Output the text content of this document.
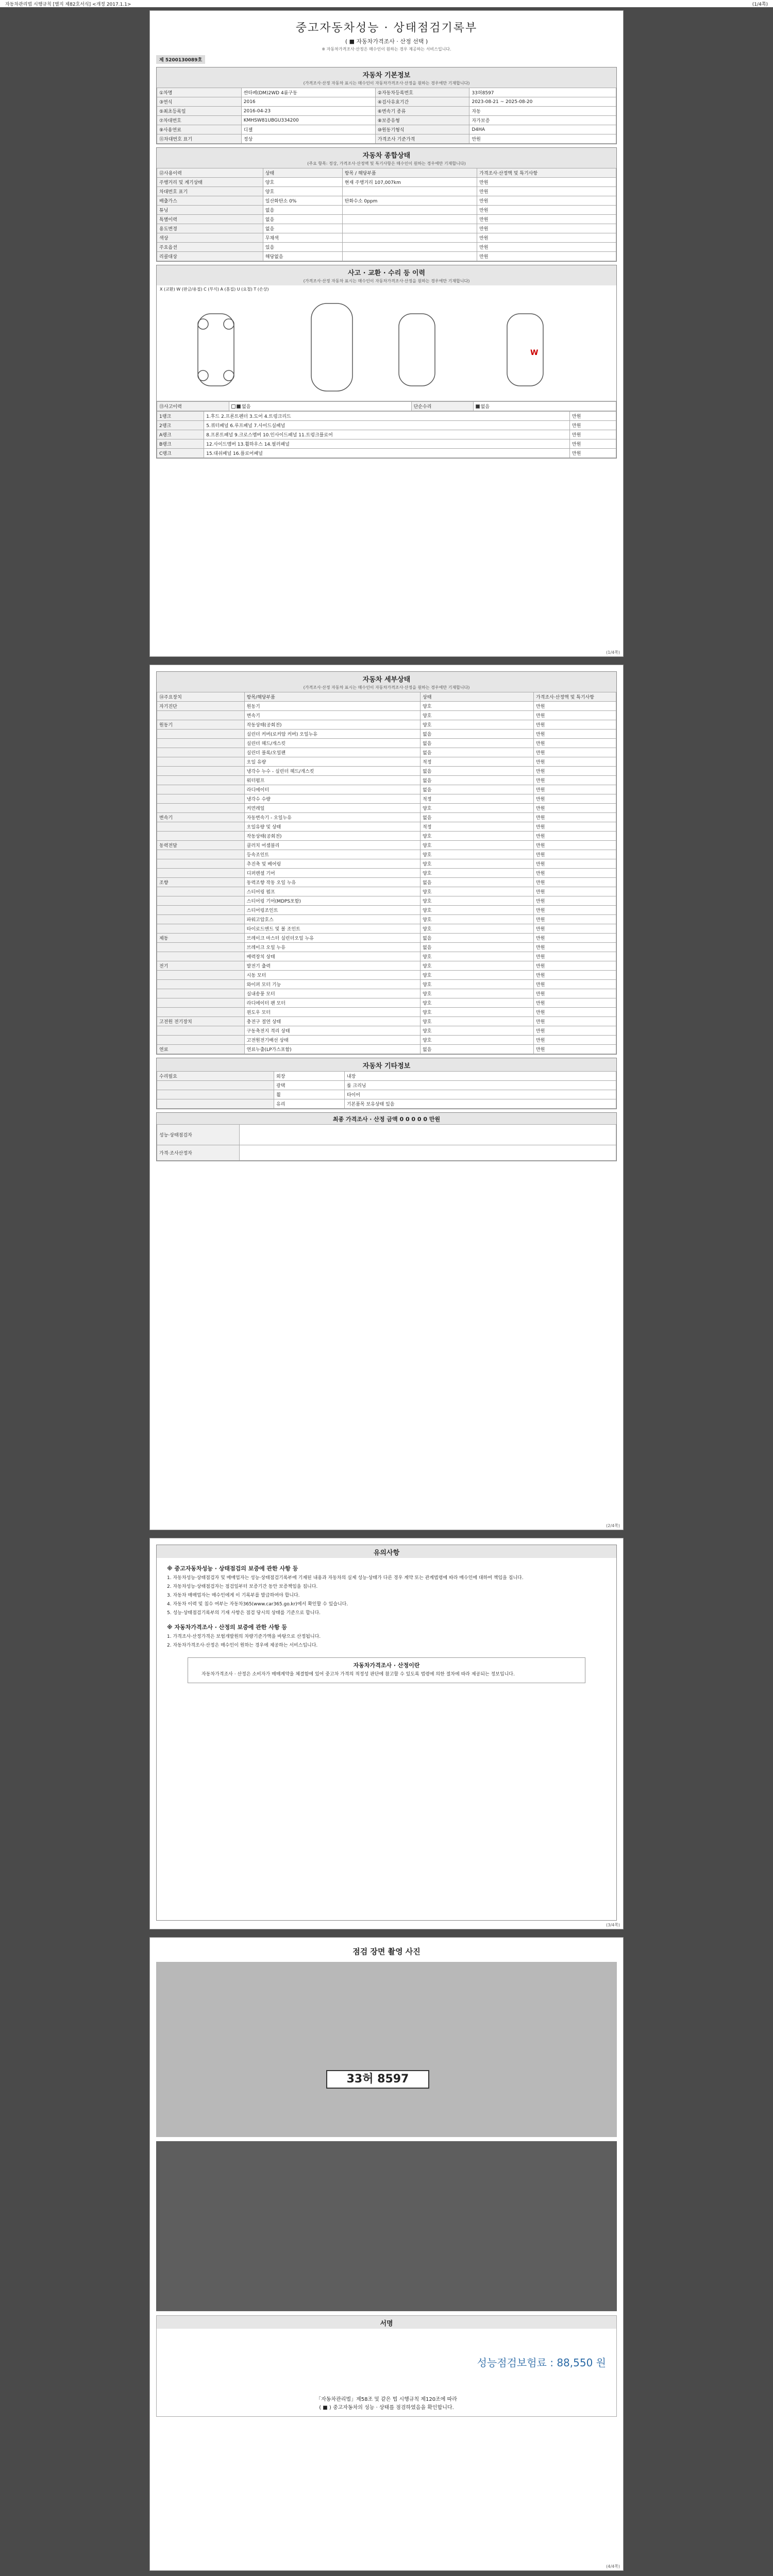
자동차관리법 시행규칙 [별지 제82호서식] <개정 2017.1.1>	(1/4쪽)
중고자동차성능 · 상태점검기록부
( ■ 자동차가격조사 · 산정 선택 )
※ 자동차가격조사·산정은 매수인이 원하는 경우 제공하는 서비스입니다.
제 5200130089호
자동차 기본정보
(가격조사·산정 자동차 표시는 매수인이 자동차가격조사·산정을 원하는 경우에만 기재합니다)
①차명	싼타페(DM)2WD 4륜구동	②자동차등록번호	33허8597
③연식	2016	④검사유효기간	2023-08-21 ~ 2025-08-20
⑤최초등록일	2016-04-23	⑥변속기 종류	자동
⑦차대번호	KMHSW81UBGU334200	⑧보증유형	자가보증
⑨사용연료	디젤	⑩원동기형식	D4HA
⑪차대번호 표기	정상	가격조사 기준가격	만원
자동차 종합상태
(주요 항목: 정상, 가격조사·산정액 및 특기사항은 매수인이 원하는 경우에만 기재합니다)
⑫사용이력	상태	항목 / 해당부품	가격조사·산정액 및 특기사항
주행거리 및 계기상태	양호	현재 주행거리 107,007km	만원
차대번호 표기	양호		만원
배출가스	일산화탄소 0%	탄화수소 0ppm	만원
튜닝	없음		만원
특별이력	없음		만원
용도변경	없음		만원
색상	무채색		만원
주요옵션	있음		만원
리콜대상	해당없음		만원
사고 · 교환 · 수리 등 이력
(가격조사·산정 자동차 표시는 매수인이 자동차가격조사·산정을 원하는 경우에만 기재합니다)
X (교환) W (판금/용접) C (부식) A (흠집) U (요철) T (손상)
W
⑬사고이력	없음	단순수리	없음
1랭크	1.후드 2.프론트펜더 3.도어 4.트렁크리드	만원
2랭크	5.쿼터패널 6.루프패널 7.사이드실패널	만원
A랭크	8.프론트패널 9.크로스멤버 10.인사이드패널 11.트렁크플로어	만원
B랭크	12.사이드멤버 13.휠하우스 14.필러패널	만원
C랭크	15.대쉬패널 16.플로어패널	만원
(1/4쪽)
자동차 세부상태
(가격조사·산정 자동차 표시는 매수인이 자동차가격조사·산정을 원하는 경우에만 기재합니다)
⑭주요장치	항목/해당부품	상태	가격조사·산정액 및 특기사항
자기진단	원동기	양호	만원
	변속기	양호	만원
원동기	작동상태(공회전)	양호	만원
	실린더 커버(로커암 커버) 오일누유	없음	만원
	실린더 헤드/개스킷	없음	만원
	실린더 블록/오일팬	없음	만원
	오일 유량	적정	만원
	냉각수 누수 - 실린더 헤드/개스킷	없음	만원
	워터펌프	없음	만원
	라디에이터	없음	만원
	냉각수 수량	적정	만원
	커먼레일	양호	만원
변속기	자동변속기 - 오일누유	없음	만원
	오일유량 및 상태	적정	만원
	작동상태(공회전)	양호	만원
동력전달	클러치 어셈블리	양호	만원
	등속조인트	양호	만원
	추진축 및 베어링	양호	만원
	디퍼렌셜 기어	양호	만원
조향	동력조향 작동 오일 누유	없음	만원
	스티어링 펌프	양호	만원
	스티어링 기어(MDPS포함)	양호	만원
	스티어링조인트	양호	만원
	파워고압호스	양호	만원
	타이로드엔드 및 볼 조인트	양호	만원
제동	브레이크 마스터 실린더오일 누유	없음	만원
	브레이크 오일 누유	없음	만원
	배력장치 상태	양호	만원
전기	발전기 출력	양호	만원
	시동 모터	양호	만원
	와이퍼 모터 기능	양호	만원
	실내송풍 모터	양호	만원
	라디에이터 팬 모터	양호	만원
	윈도우 모터	양호	만원
고전원 전기장치	충전구 절연 상태	양호	만원
	구동축전지 격리 상태	양호	만원
	고전원전기배선 상태	양호	만원
연료	연료누출(LP가스포함)	없음	만원
자동차 기타정보
수리필요	외장	내장
	광택	룸 크리닝
	휠	타이어
	유리	기본품목 보유상태 있음
최종 가격조사 · 산정 금액 0 0 0 0 0 만원
성능·상태점검자	
가격·조사산정자	
(2/4쪽)
유의사항
※ 중고자동차성능 · 상태점검의 보증에 관한 사항 등

1. 자동차성능·상태점검자 및 매매업자는 성능·상태점검기록부에 기재된 내용과 자동차의 실제 성능·상태가 다른 경우 계약 또는 관계법령에 따라 매수인에 대하여 책임을 집니다.

2. 자동차성능·상태점검자는 점검일부터 보증기간 동안 보증책임을 집니다.

3. 자동차 매매업자는 매수인에게 이 기록부를 발급하여야 합니다.

4. 자동차 이력 및 침수 여부는 자동차365(www.car365.go.kr)에서 확인할 수 있습니다.

5. 성능·상태점검기록부의 기재 사항은 점검 당시의 상태를 기준으로 합니다.

※ 자동차가격조사 · 산정의 보증에 관한 사항 등

1. 가격조사·산정가격은 보험개발원의 차량기준가액을 바탕으로 산정됩니다.

2. 자동차가격조사·산정은 매수인이 원하는 경우에 제공하는 서비스입니다.

자동차가격조사 · 산정이란

자동차가격조사 · 산정은 소비자가 매매계약을 체결함에 있어 중고차 가격의 적정성 판단에 참고할 수 있도록 법령에 의한 절차에 따라 제공되는 정보입니다.

(3/4쪽)
점검 장면 촬영 사진
33허 8597
서명
성능점검보험료 : 88,550 원
「자동차관리법」제58조 및 같은 법 시행규칙 제120조에 따라
( ■ ) 중고자동차의 성능 · 상태를 점검하였음을 확인합니다.
(4/4쪽)
